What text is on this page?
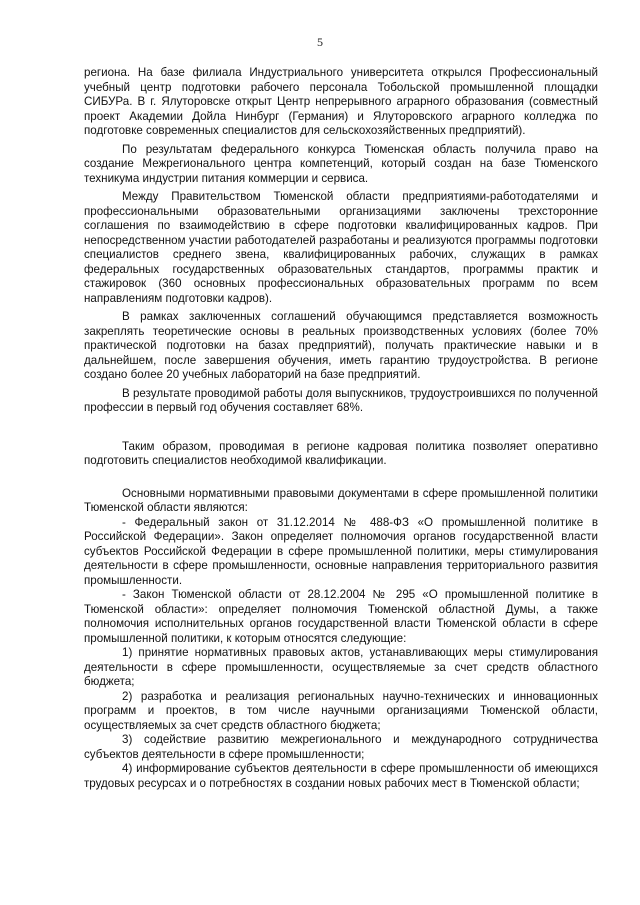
5

региона. На базе филиала Индустриального университета открылся Профессиональный учебный центр подготовки рабочего персонала Тобольской промышленной площадки СИБУРа. В г. Ялуторовске открыт Центр непрерывного аграрного образования (совместный проект Академии Дойла Нинбург (Германия) и Ялуторовского аграрного колледжа по подготовке современных специалистов для сельскохозяйственных предприятий).

По результатам федерального конкурса Тюменская область получила право на создание Межрегионального центра компетенций, который создан на базе Тюменского техникума индустрии питания коммерции и сервиса.

Между Правительством Тюменской области предприятиями-работодателями и профессиональными образовательными организациями заключены трехсторонние соглашения по взаимодействию в сфере подготовки квалифицированных кадров. При непосредственном участии работодателей разработаны и реализуются программы подготовки специалистов среднего звена, квалифицированных рабочих, служащих в рамках федеральных государственных образовательных стандартов, программы практик и стажировок (360 основных профессиональных образовательных программ по всем направлениям подготовки кадров).

В рамках заключенных соглашений обучающимся представляется возможность закреплять теоретические основы в реальных производственных условиях (более 70% практической подготовки на базах предприятий), получать практические навыки и в дальнейшем, после завершения обучения, иметь гарантию трудоустройства. В регионе создано более 20 учебных лабораторий на базе предприятий.

В результате проводимой работы доля выпускников, трудоустроившихся по полученной профессии в первый год обучения составляет 68%.

Таким образом, проводимая в регионе кадровая политика позволяет оперативно подготовить специалистов необходимой квалификации.

Основными нормативными правовыми документами в сфере промышленной политики Тюменской области являются:

- Федеральный закон от 31.12.2014 № 488-ФЗ «О промышленной политике в Российской Федерации». Закон определяет полномочия органов государственной власти субъектов Российской Федерации в сфере промышленной политики, меры стимулирования деятельности в сфере промышленности, основные направления территориального развития промышленности.

- Закон Тюменской области от 28.12.2004 № 295 «О промышленной политике в Тюменской области»: определяет полномочия Тюменской областной Думы, а также полномочия исполнительных органов государственной власти Тюменской области в сфере промышленной политики, к которым относятся следующие:

1) принятие нормативных правовых актов, устанавливающих меры стимулирования деятельности в сфере промышленности, осуществляемые за счет средств областного бюджета;

2) разработка и реализация региональных научно-технических и инновационных программ и проектов, в том числе научными организациями Тюменской области, осуществляемых за счет средств областного бюджета;

3) содействие развитию межрегионального и международного сотрудничества субъектов деятельности в сфере промышленности;

4) информирование субъектов деятельности в сфере промышленности об имеющихся трудовых ресурсах и о потребностях в создании новых рабочих мест в Тюменской области;
